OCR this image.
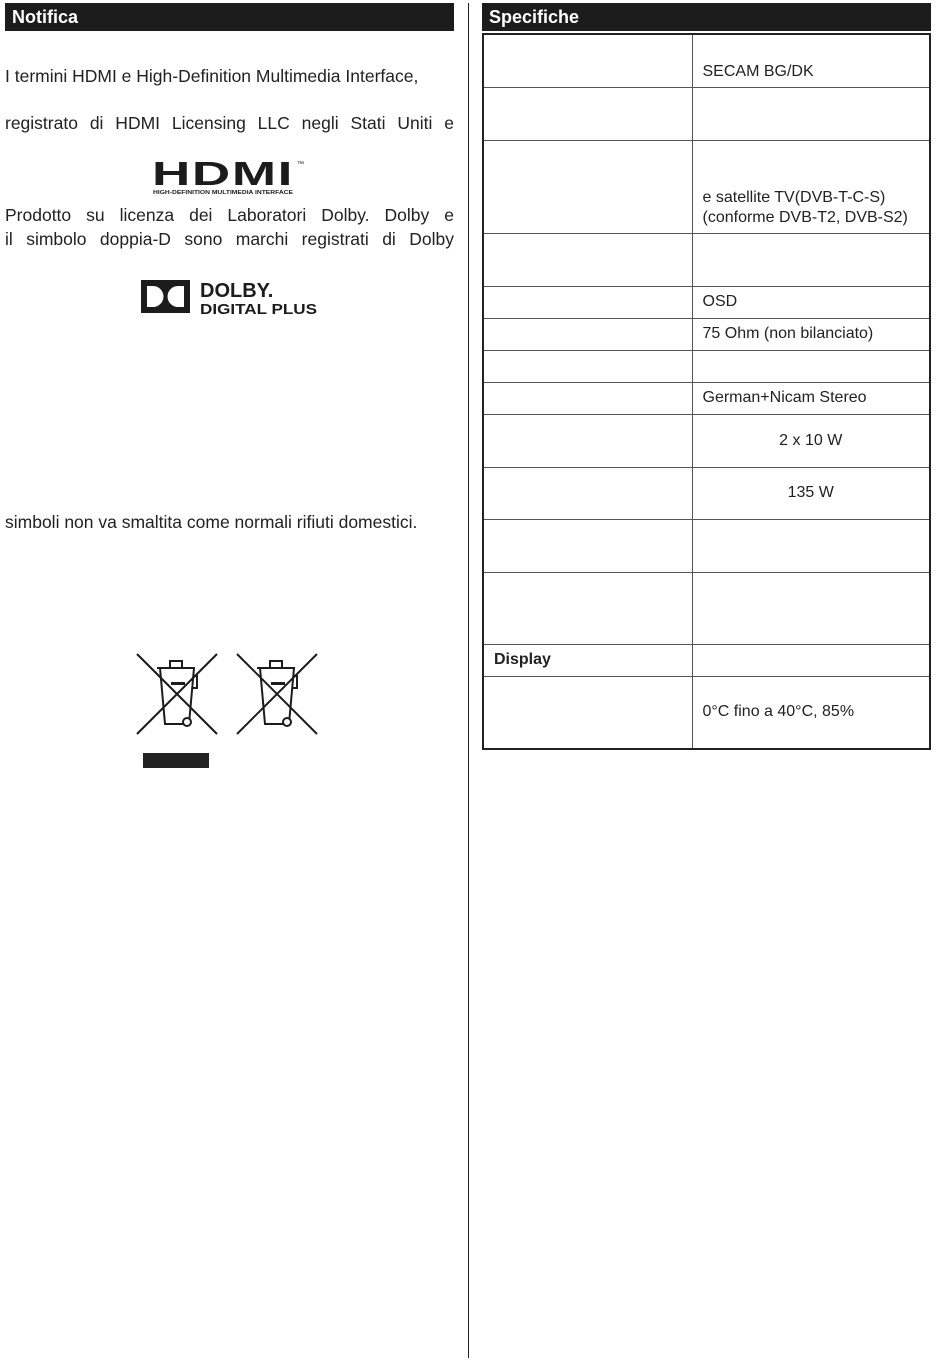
Notifica
I termini HDMI e High-Definition Multimedia Interface,
registrato di HDMI Licensing LLC negli Stati Uniti e
HDMI ™
HIGH-DEFINITION MULTIMEDIA INTERFACE
Prodotto su licenza dei Laboratori Dolby. Dolby e
il simbolo doppia-D sono marchi registrati di Dolby
DOLBY.
DIGITAL PLUS
simboli non va smaltita come normali rifiuti domestici.
Specifiche
	SECAM BG/DK

	e satellite TV(DVB-T-C-S)
(conforme DVB-T2, DVB-S2)

	OSD
	75 Ohm (non bilanciato)

	German+Nicam Stereo
	2 x 10 W
	135 W

Display	
	0°C fino a 40°C, 85%
